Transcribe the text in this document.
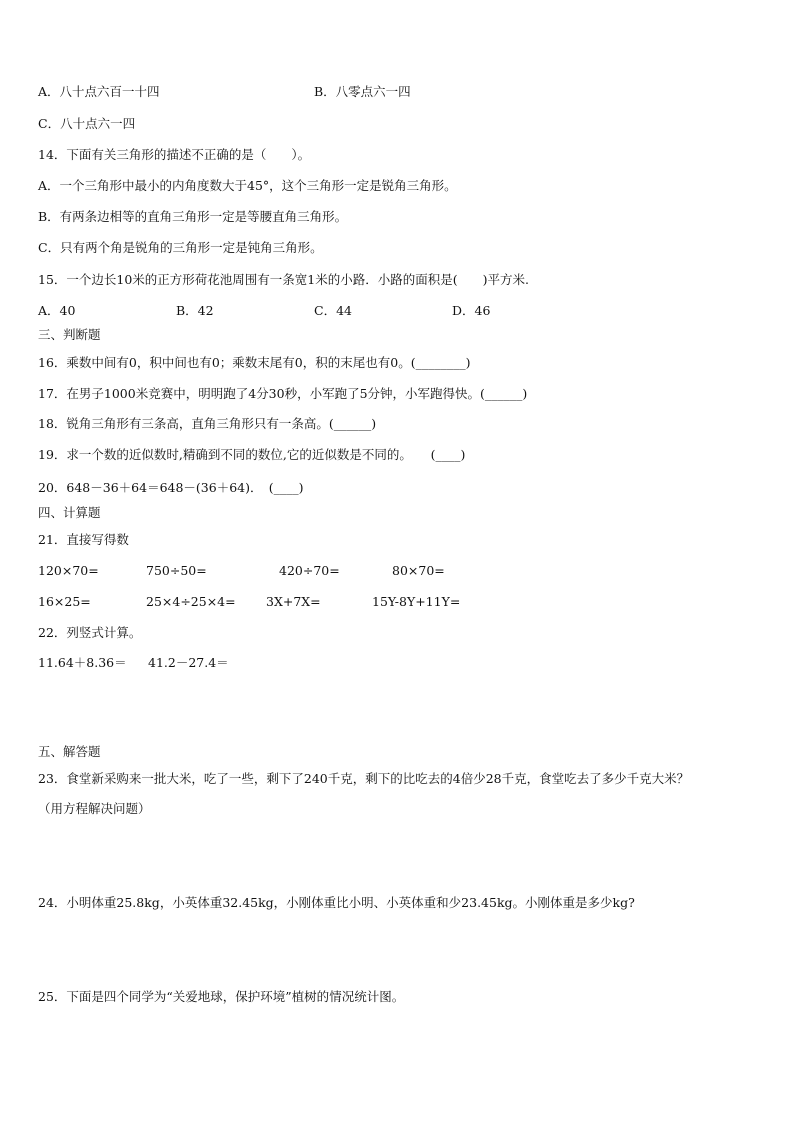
A．八十点六百一十四	B．八零点六一四
C．八十点六一四
14．下面有关三角形的描述不正确的是（　　）。
A．一个三角形中最小的内角度数大于45°，这个三角形一定是锐角三角形。
B．有两条边相等的直角三角形一定是等腰直角三角形。
C．只有两个角是锐角的三角形一定是钝角三角形。
15．一个边长10米的正方形荷花池周围有一条宽1米的小路．小路的面积是(　　)平方米.
A．40	B．42	C．44	D．46
三、判断题
16．乘数中间有0，积中间也有0；乘数末尾有0，积的末尾也有0。(________)
17．在男子1000米竞赛中，明明跑了4分30秒，小军跑了5分钟，小军跑得快。(______)
18．锐角三角形有三条高，直角三角形只有一条高。(______)
19．求一个数的近似数时,精确到不同的数位,它的近似数是不同的。　　(____)
20．648－36＋64＝648－(36＋64)．　(____)
四、计算题
21．直接写得数
120×70=	750÷50=	420÷70=	80×70=
16×25=	25×4÷25×4= 3X+7X=	15Y-8Y+11Y=
22．列竖式计算。
11.64＋8.36＝ 41.2－27.4＝
五、解答题
23．食堂新采购来一批大米，吃了一些，剩下了240千克，剩下的比吃去的4倍少28千克，食堂吃去了多少千克大米？
（用方程解决问题）
24．小明体重25.8kg，小英体重32.45kg，小刚体重比小明、小英体重和少23.45kg。小刚体重是多少kg?
25．下面是四个同学为“关爱地球，保护环境”植树的情况统计图。
